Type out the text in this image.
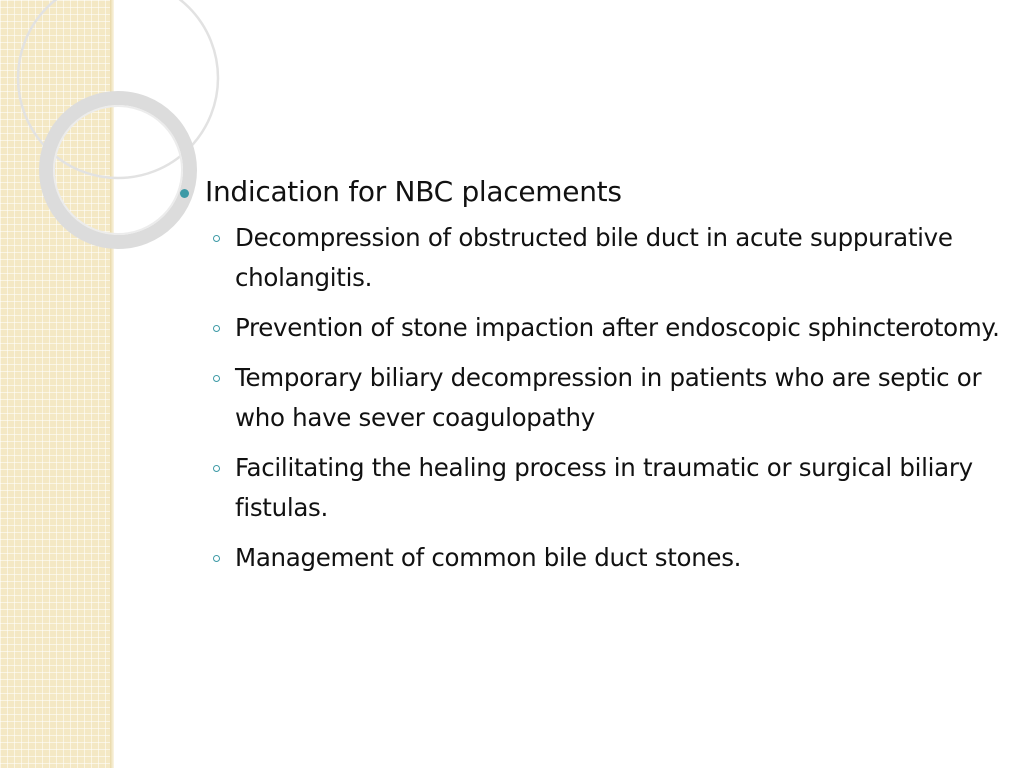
Indication for NBC placements
Decompression of obstructed bile duct in acute suppurative cholangitis.
Prevention of stone impaction after endoscopic sphincterotomy.
Temporary biliary decompression in patients who are septic or who have sever coagulopathy
Facilitating the healing process in traumatic or surgical biliary fistulas.
Management of common bile duct stones.
